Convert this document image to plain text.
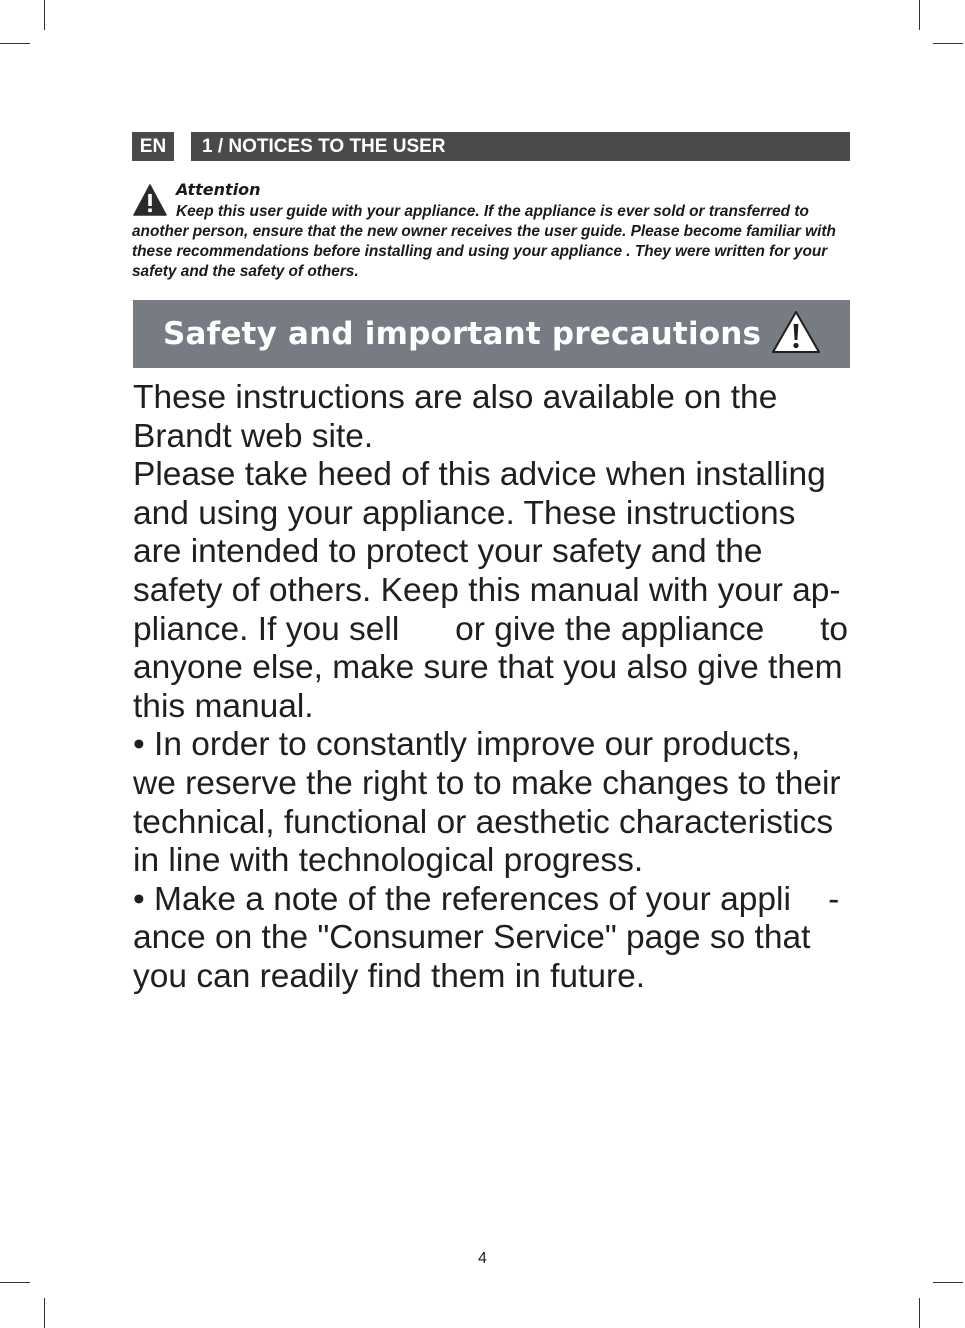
EN	1 / NOTICES TO THE USER
Attention
Keep this user guide with your appliance. If the appliance is ever sold or transferred to another person, ensure that the new owner receives the user guide. Please become familiar with these recommendations before installing and using your appliance . They were written for your safety and the safety of others.
Safety and important precautions

These instructions are also available on the

Brandt web site.

Please take heed of this advice when installing

and using your appliance. These instructions

are intended to protect your safety and the

safety of others. Keep this manual with your ap-

pliance. If you sell      or give the appliance      to

anyone else, make sure that you also give them

this manual.

• In order to constantly improve our products,

we reserve the right to to make changes to their

technical, functional or aesthetic characteristics

in line with technological progress.

• Make a note of the references of your appli    -

ance on the "Consumer Service" page so that

you can readily find them in future.

4
